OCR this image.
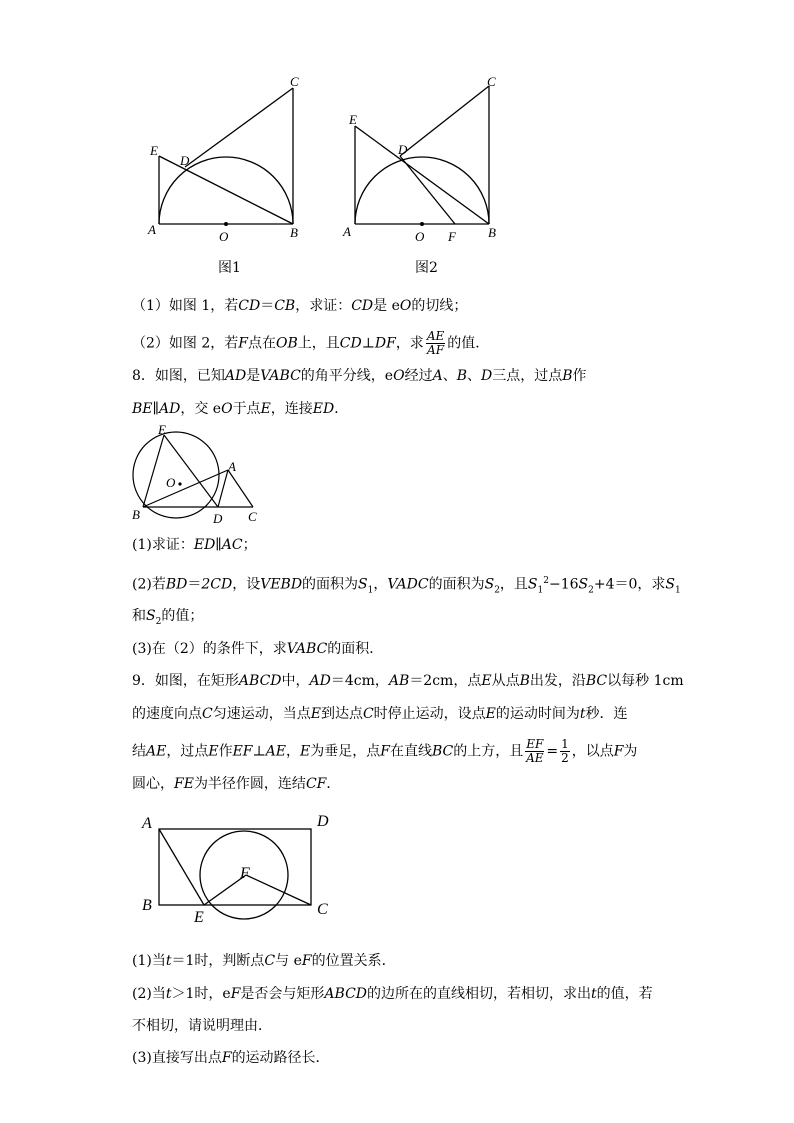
A	B
C
D
E
O
图1
A	B
C
D
E
O F
图2
（1）如图 1，若CD＝CB，求证：CD是 eO的切线；
（2）如图 2，若F点在OB上，且CD⊥DF，求 $\frac{AE}{AF}$ 的值．
8．如图，已知AD是VABC的角平分线，eO经过A、B、D三点，过点B作
BE∥AD，交 eO于点E，连接ED．
E
A
O
B	D C
(1)求证：ED∥AC；
(2)若BD＝2CD，设VEBD的面积为$S_1$，VADC的面积为$S_2$，且$S_1^2-16S_2+4=0$，求$S_1$
和$S_2$的值；
(3)在（2）的条件下，求VABC的面积．
9．如图，在矩形ABCD中，AD＝4cm，AB＝2cm，点E从点B出发，沿BC以每秒 1cm
的速度向点C匀速运动，当点E到达点C时停止运动，设点E的运动时间为t秒．连
结AE，过点E作EF⊥AE，E为垂足，点F在直线BC的上方，且 $\frac{EF}{AE} = \frac{1}{2}$ ，以点F为
圆心，FE为半径作圆，连结CF．
A	D
F
B
E	C
(1)当t＝1时，判断点C与 eF的位置关系．
(2)当t＞1时，eF是否会与矩形ABCD的边所在的直线相切，若相切，求出t的值，若
不相切，请说明理由．
(3)直接写出点F的运动路径长．
